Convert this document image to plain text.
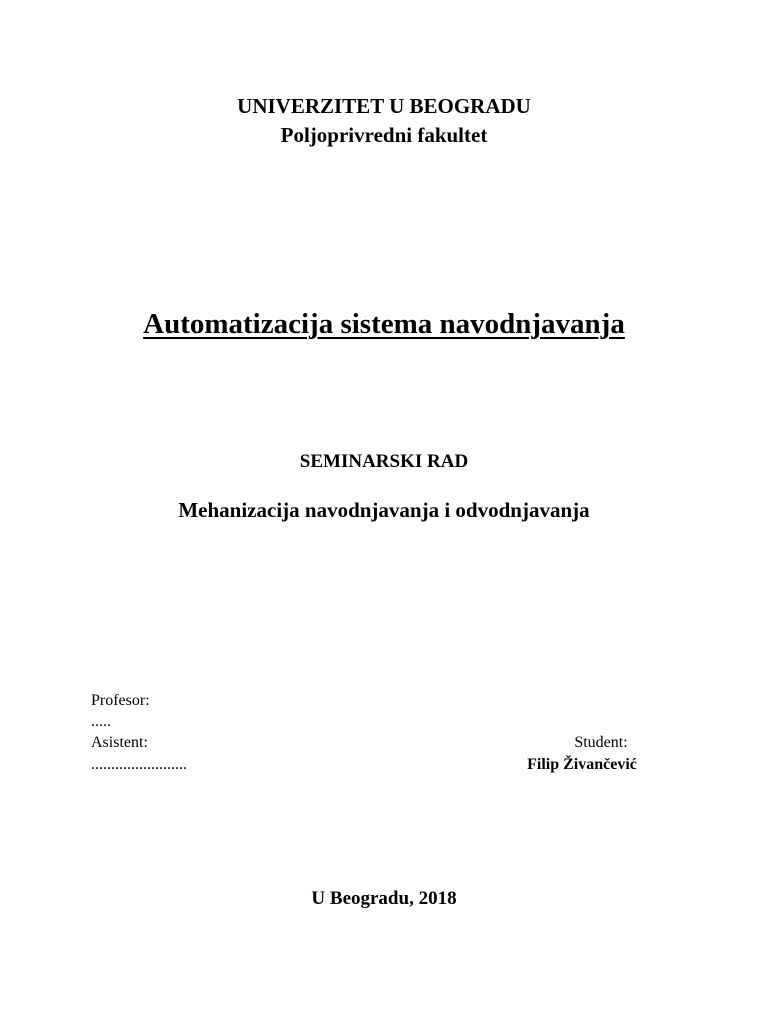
UNIVERZITET U BEOGRADU
Poljoprivredni fakultet
Automatizacija sistema navodnjavanja
SEMINARSKI RAD
Mehanizacija navodnjavanja i odvodnjavanja
Profesor:
.....
Asistent:
........................
Student:
Filip Živančević
U Beogradu, 2018
